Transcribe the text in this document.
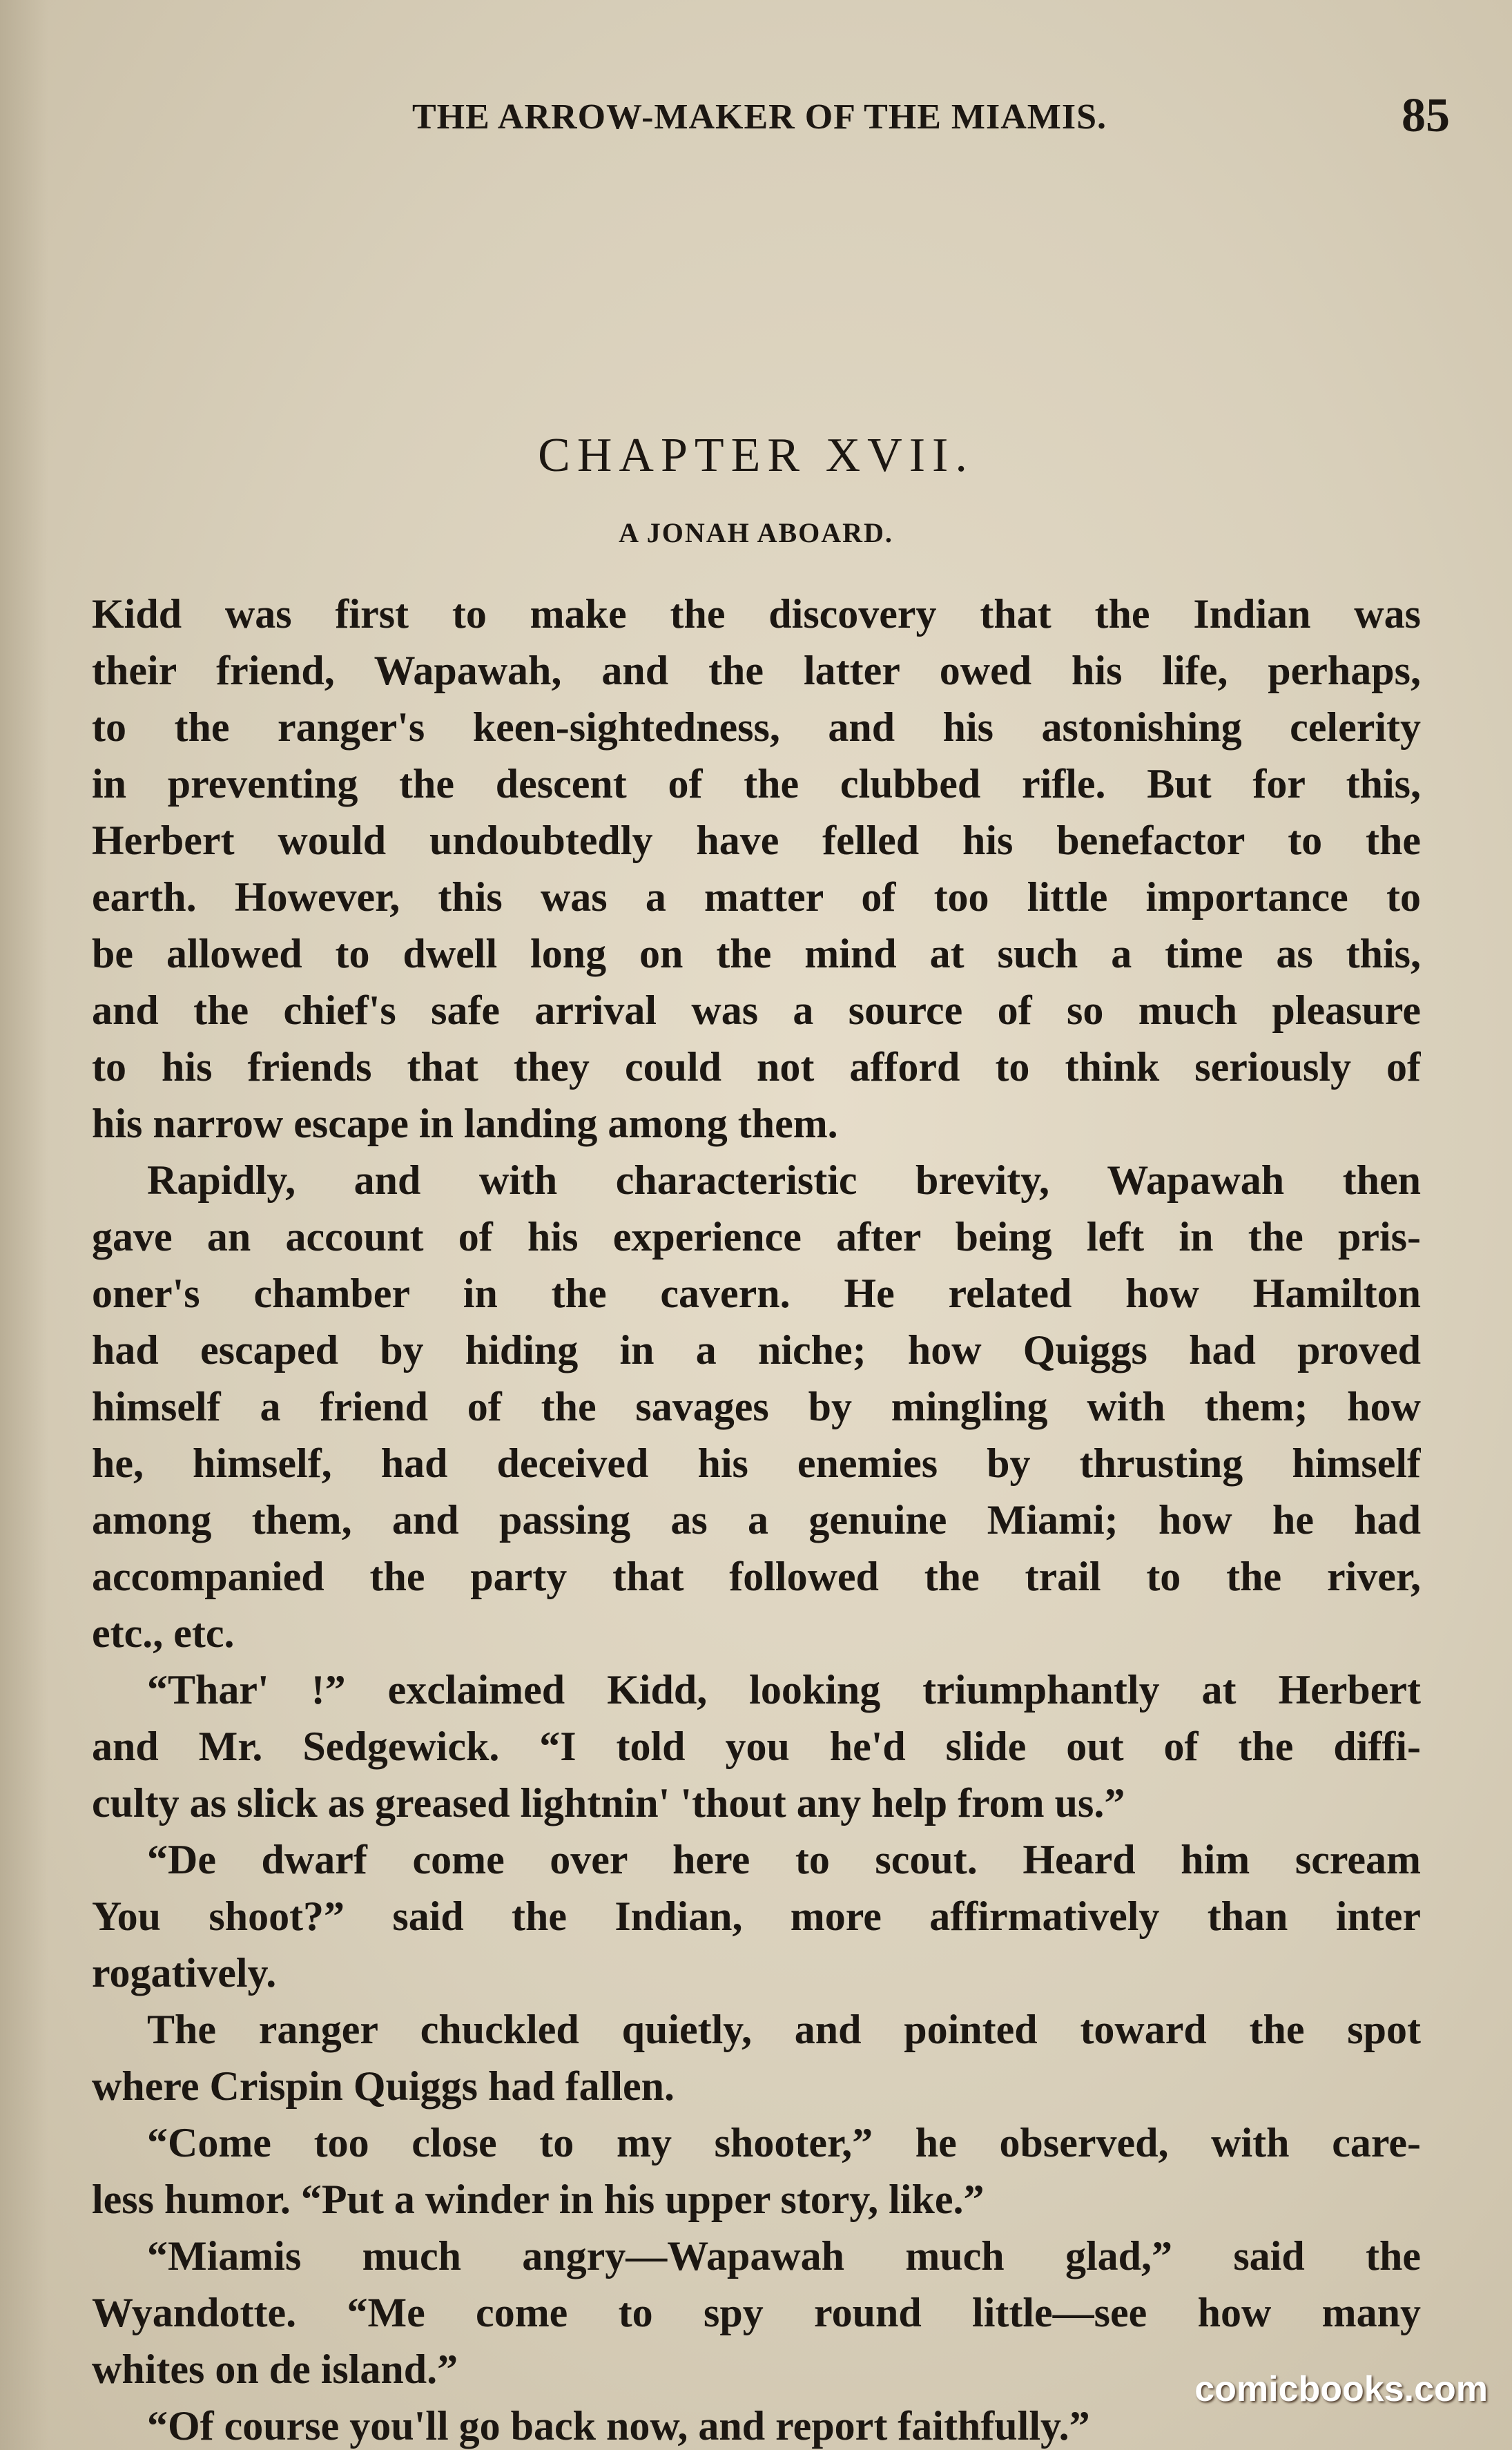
THE ARROW-MAKER OF THE MIAMIS.	85
CHAPTER XVII.
A JONAH ABOARD.
Kidd was first to make the discovery that the Indian was
their friend, Wapawah, and the latter owed his life, perhaps,
to the ranger's keen-sightedness, and his astonishing celerity
in preventing the descent of the clubbed rifle. But for this,
Herbert would undoubtedly have felled his benefactor to the
earth. However, this was a matter of too little importance to
be allowed to dwell long on the mind at such a time as this,
and the chief's safe arrival was a source of so much pleasure
to his friends that they could not afford to think seriously of
his narrow escape in landing among them.
Rapidly, and with characteristic brevity, Wapawah then
gave an account of his experience after being left in the pris-
oner's chamber in the cavern. He related how Hamilton
had escaped by hiding in a niche; how Quiggs had proved
himself a friend of the savages by mingling with them; how
he, himself, had deceived his enemies by thrusting himself
among them, and passing as a genuine Miami; how he had
accompanied the party that followed the trail to the river,
etc., etc.
“Thar' !” exclaimed Kidd, looking triumphantly at Herbert
and Mr. Sedgewick. “I told you he'd slide out of the diffi-
culty as slick as greased lightnin' 'thout any help from us.”
“De dwarf come over here to scout. Heard him scream
You shoot?” said the Indian, more affirmatively than inter
rogatively.
The ranger chuckled quietly, and pointed toward the spot
where Crispin Quiggs had fallen.
“Come too close to my shooter,” he observed, with care-
less humor. “Put a winder in his upper story, like.”
“Miamis much angry—Wapawah much glad,” said the
Wyandotte. “Me come to spy round little—see how many
whites on de island.”
“Of course you'll go back now, and report faithfully.”
comicbooks.com
